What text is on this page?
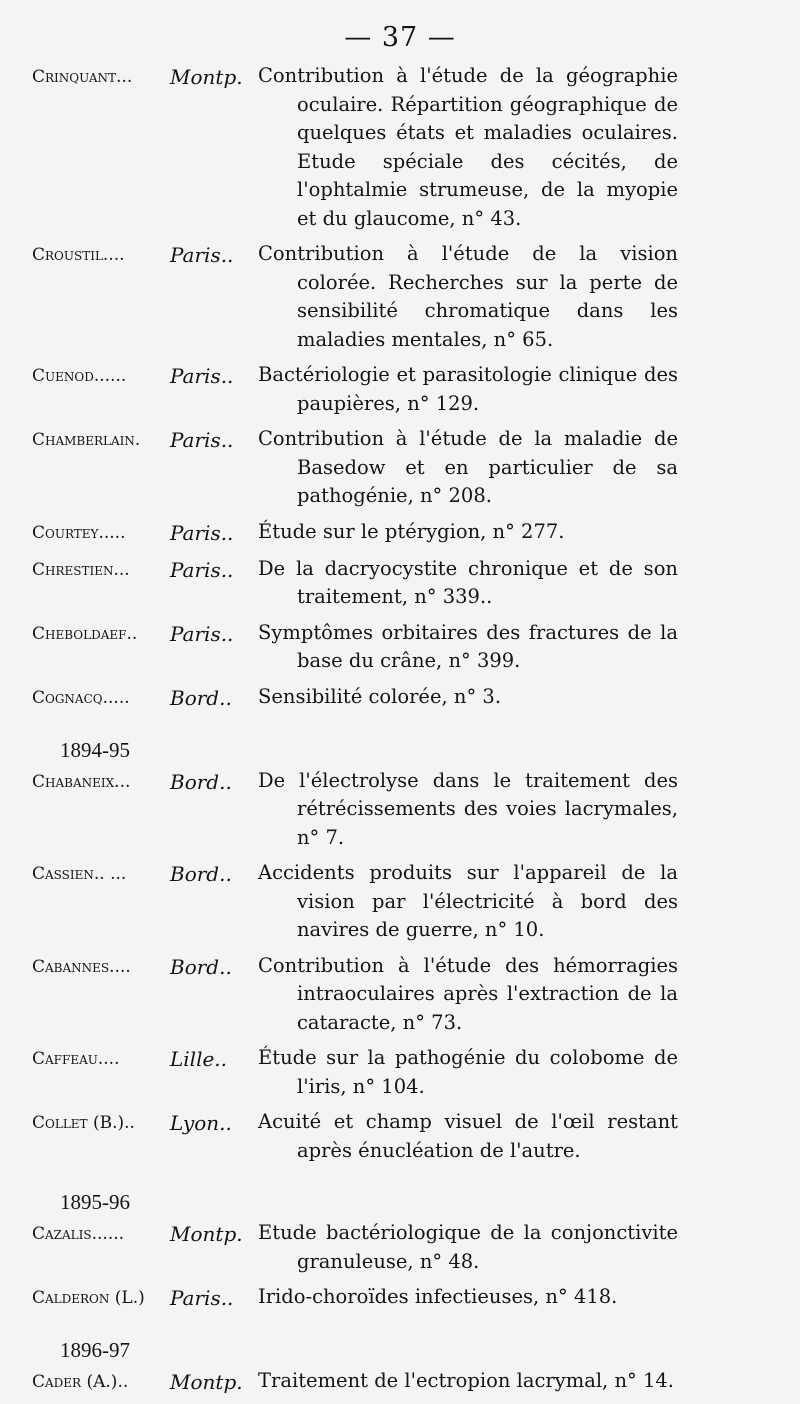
— 37 —
Crinquant...	Montp. Contribution à l'étude de la géographie oculaire. Répartition géographique de quelques états et maladies oculaires. Etude spéciale des cécités, de l'ophtalmie strumeuse, de la myopie et du glaucome, n° 43.
Croustil....	Paris..	Contribution à l'étude de la vision colorée. Recherches sur la perte de sensibilité chromatique dans les maladies mentales, n° 65.
Cuenod......	Paris..	Bactériologie et parasitologie clinique des paupières, n° 129.
Chamberlain.	Paris..	Contribution à l'étude de la maladie de Basedow et en particulier de sa pathogénie, n° 208.
Courtey.....	Paris..	Étude sur le ptérygion, n° 277.
Chrestien...	Paris..	De la dacryocystite chronique et de son traitement, n° 339..
Cheboldaef..	Paris..	Symptômes orbitaires des fractures de la base du crâne, n° 399.
Cognacq.....	Bord..	Sensibilité colorée, n° 3.
1894-95
Chabaneix...	Bord..	De l'électrolyse dans le traitement des rétrécissements des voies lacrymales, n° 7.
Cassien.. ...	Bord..	Accidents produits sur l'appareil de la vision par l'électricité à bord des navires de guerre, n° 10.
Cabannes....	Bord..	Contribution à l'étude des hémorragies intraoculaires après l'extraction de la cataracte, n° 73.
Caffeau....	Lille..	Étude sur la pathogénie du colobome de l'iris, n° 104.
Collet (B.)..	Lyon..	Acuité et champ visuel de l'œil restant après énucléation de l'autre.
1895-96
Cazalis......	Montp. Etude bactériologique de la conjonctivite granuleuse, n° 48.
Calderon (L.)	Paris..	Irido-choroïdes infectieuses, n° 418.
1896-97
Cader (A.)..	Montp. Traitement de l'ectropion lacrymal, n° 14.
